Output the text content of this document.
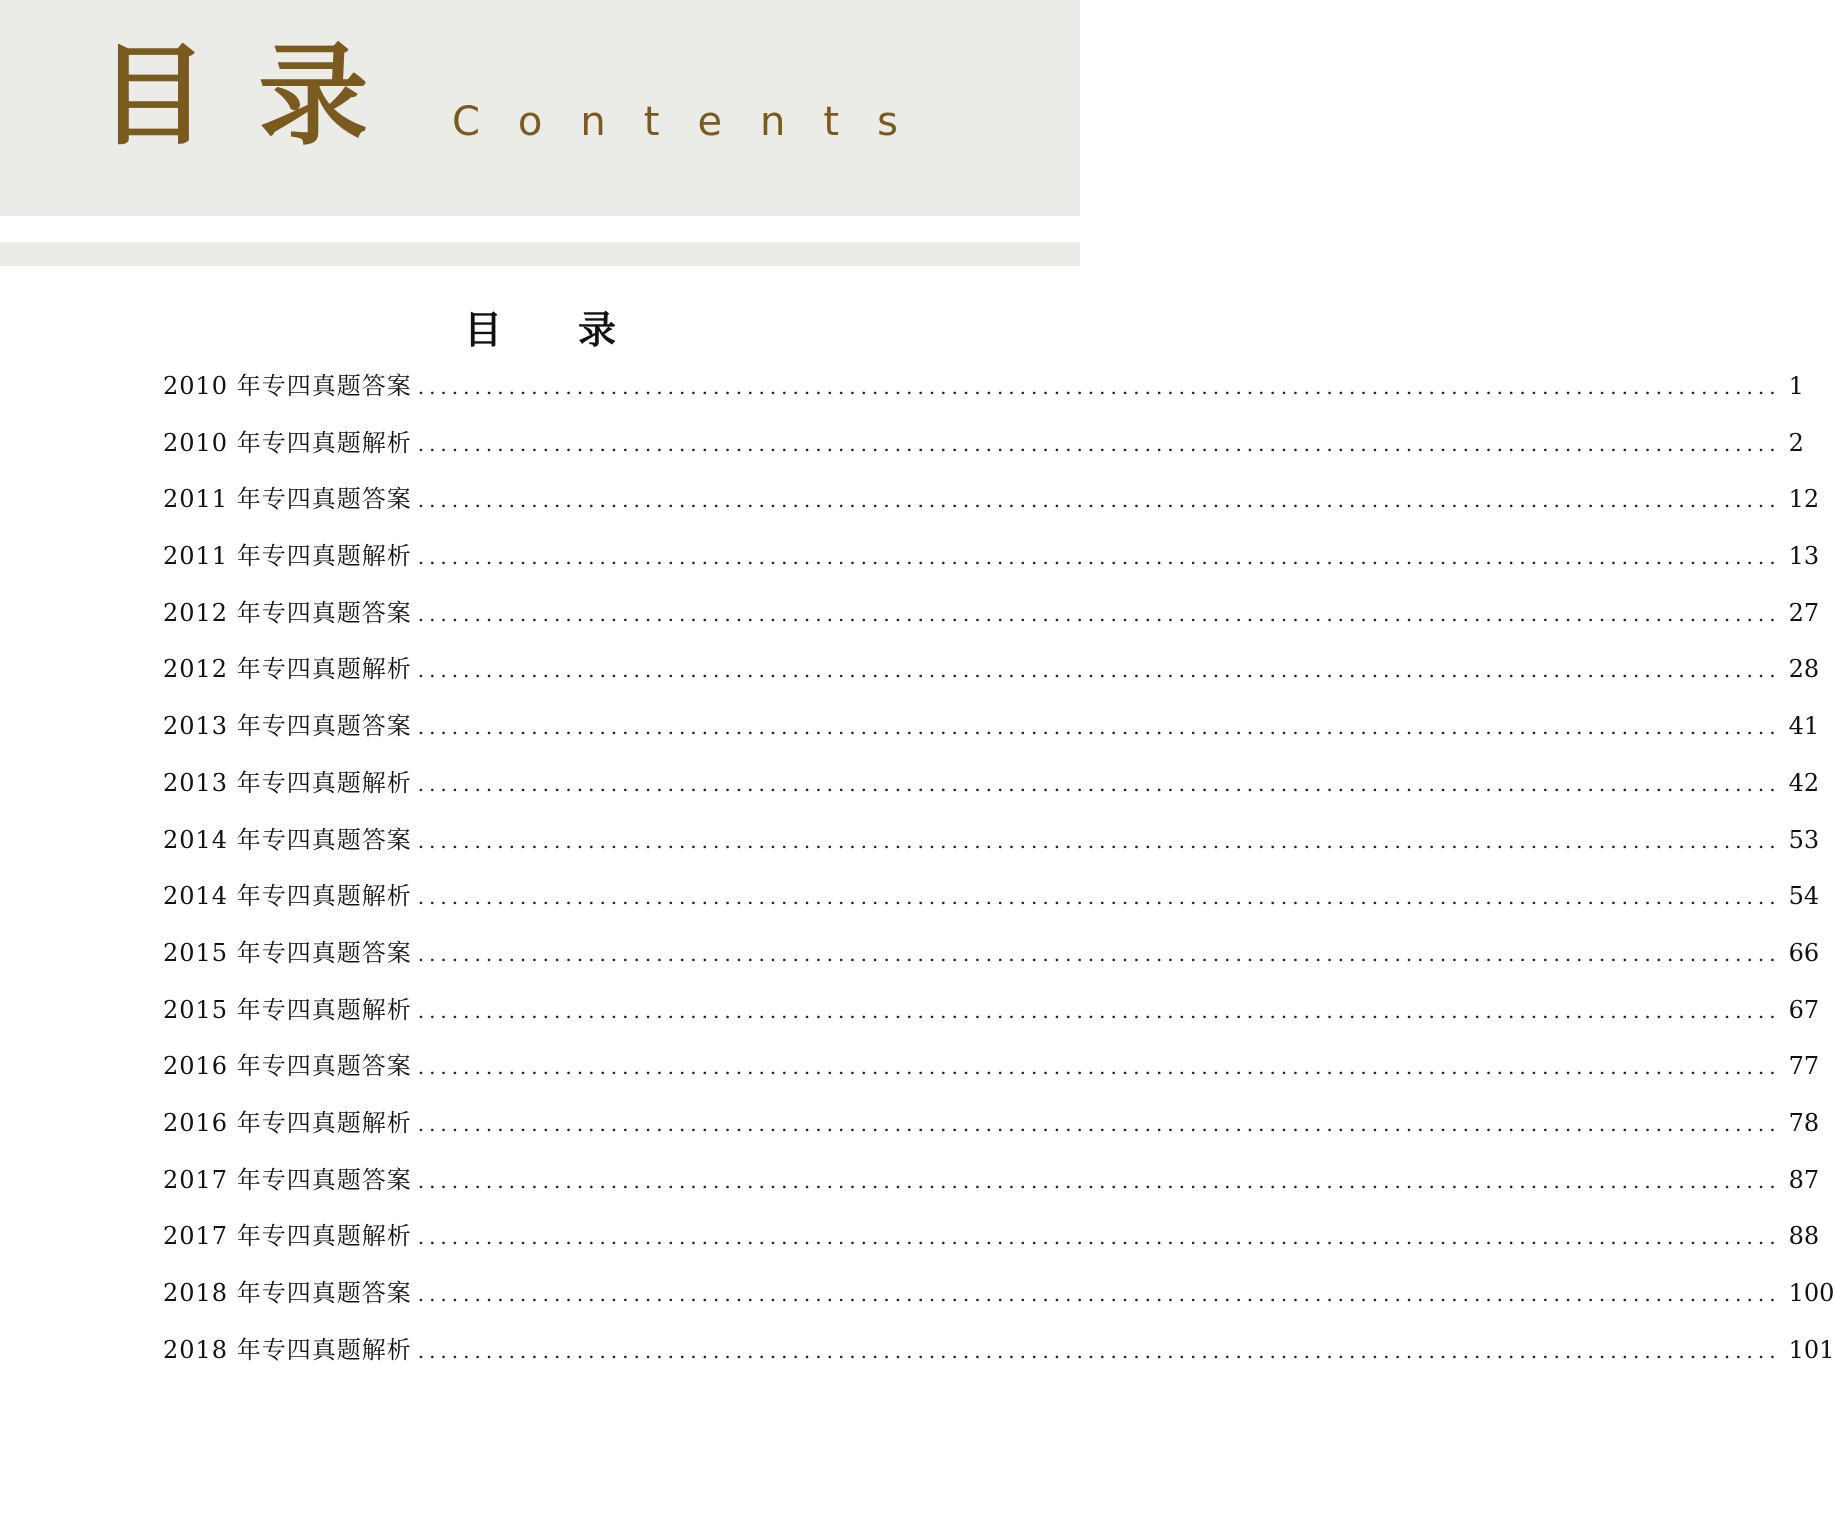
目 录 Contents
目录
2010 年专四真题答案 ........................................................................................................................ 1
2010 年专四真题解析 ........................................................................................................................ 2
2011 年专四真题答案 ........................................................................................................................ 12
2011 年专四真题解析 ........................................................................................................................ 13
2012 年专四真题答案 ........................................................................................................................ 27
2012 年专四真题解析 ........................................................................................................................ 28
2013 年专四真题答案 ........................................................................................................................ 41
2013 年专四真题解析 ........................................................................................................................ 42
2014 年专四真题答案 ........................................................................................................................ 53
2014 年专四真题解析 ........................................................................................................................ 54
2015 年专四真题答案 ........................................................................................................................ 66
2015 年专四真题解析 ........................................................................................................................ 67
2016 年专四真题答案 ........................................................................................................................ 77
2016 年专四真题解析 ........................................................................................................................ 78
2017 年专四真题答案 ........................................................................................................................ 87
2017 年专四真题解析 ........................................................................................................................ 88
2018 年专四真题答案 ........................................................................................................................ 100
2018 年专四真题解析 ........................................................................................................................ 101
